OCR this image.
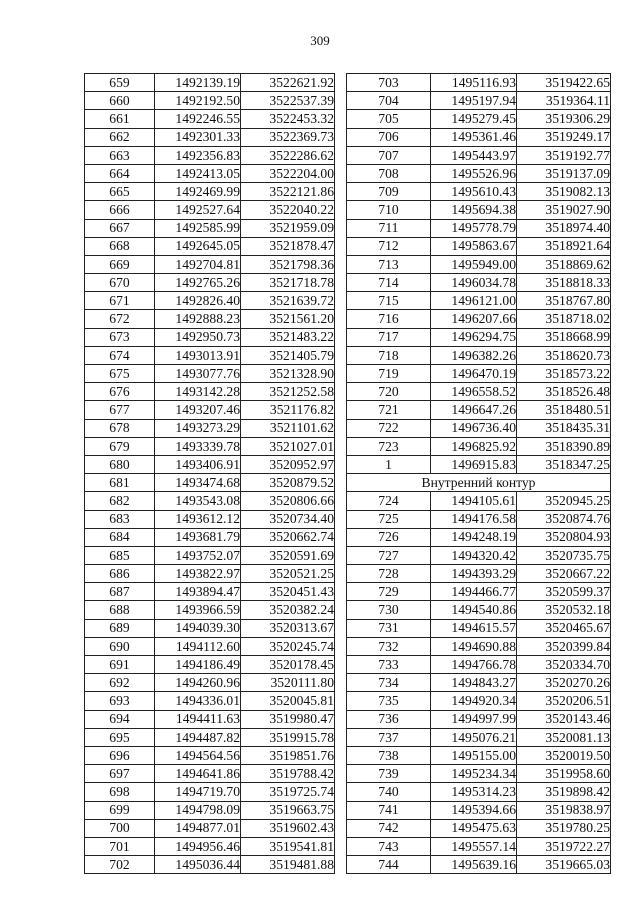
309
659	1492139.19	3522621.92
660	1492192.50	3522537.39
661	1492246.55	3522453.32
662	1492301.33	3522369.73
663	1492356.83	3522286.62
664	1492413.05	3522204.00
665	1492469.99	3522121.86
666	1492527.64	3522040.22
667	1492585.99	3521959.09
668	1492645.05	3521878.47
669	1492704.81	3521798.36
670	1492765.26	3521718.78
671	1492826.40	3521639.72
672	1492888.23	3521561.20
673	1492950.73	3521483.22
674	1493013.91	3521405.79
675	1493077.76	3521328.90
676	1493142.28	3521252.58
677	1493207.46	3521176.82
678	1493273.29	3521101.62
679	1493339.78	3521027.01
680	1493406.91	3520952.97
681	1493474.68	3520879.52
682	1493543.08	3520806.66
683	1493612.12	3520734.40
684	1493681.79	3520662.74
685	1493752.07	3520591.69
686	1493822.97	3520521.25
687	1493894.47	3520451.43
688	1493966.59	3520382.24
689	1494039.30	3520313.67
690	1494112.60	3520245.74
691	1494186.49	3520178.45
692	1494260.96	3520111.80
693	1494336.01	3520045.81
694	1494411.63	3519980.47
695	1494487.82	3519915.78
696	1494564.56	3519851.76
697	1494641.86	3519788.42
698	1494719.70	3519725.74
699	1494798.09	3519663.75
700	1494877.01	3519602.43
701	1494956.46	3519541.81
702	1495036.44	3519481.88
703	1495116.93	3519422.65
704	1495197.94	3519364.11
705	1495279.45	3519306.29
706	1495361.46	3519249.17
707	1495443.97	3519192.77
708	1495526.96	3519137.09
709	1495610.43	3519082.13
710	1495694.38	3519027.90
711	1495778.79	3518974.40
712	1495863.67	3518921.64
713	1495949.00	3518869.62
714	1496034.78	3518818.33
715	1496121.00	3518767.80
716	1496207.66	3518718.02
717	1496294.75	3518668.99
718	1496382.26	3518620.73
719	1496470.19	3518573.22
720	1496558.52	3518526.48
721	1496647.26	3518480.51
722	1496736.40	3518435.31
723	1496825.92	3518390.89
1	1496915.83	3518347.25
Внутренний контур		
724	1494105.61	3520945.25
725	1494176.58	3520874.76
726	1494248.19	3520804.93
727	1494320.42	3520735.75
728	1494393.29	3520667.22
729	1494466.77	3520599.37
730	1494540.86	3520532.18
731	1494615.57	3520465.67
732	1494690.88	3520399.84
733	1494766.78	3520334.70
734	1494843.27	3520270.26
735	1494920.34	3520206.51
736	1494997.99	3520143.46
737	1495076.21	3520081.13
738	1495155.00	3520019.50
739	1495234.34	3519958.60
740	1495314.23	3519898.42
741	1495394.66	3519838.97
742	1495475.63	3519780.25
743	1495557.14	3519722.27
744	1495639.16	3519665.03
